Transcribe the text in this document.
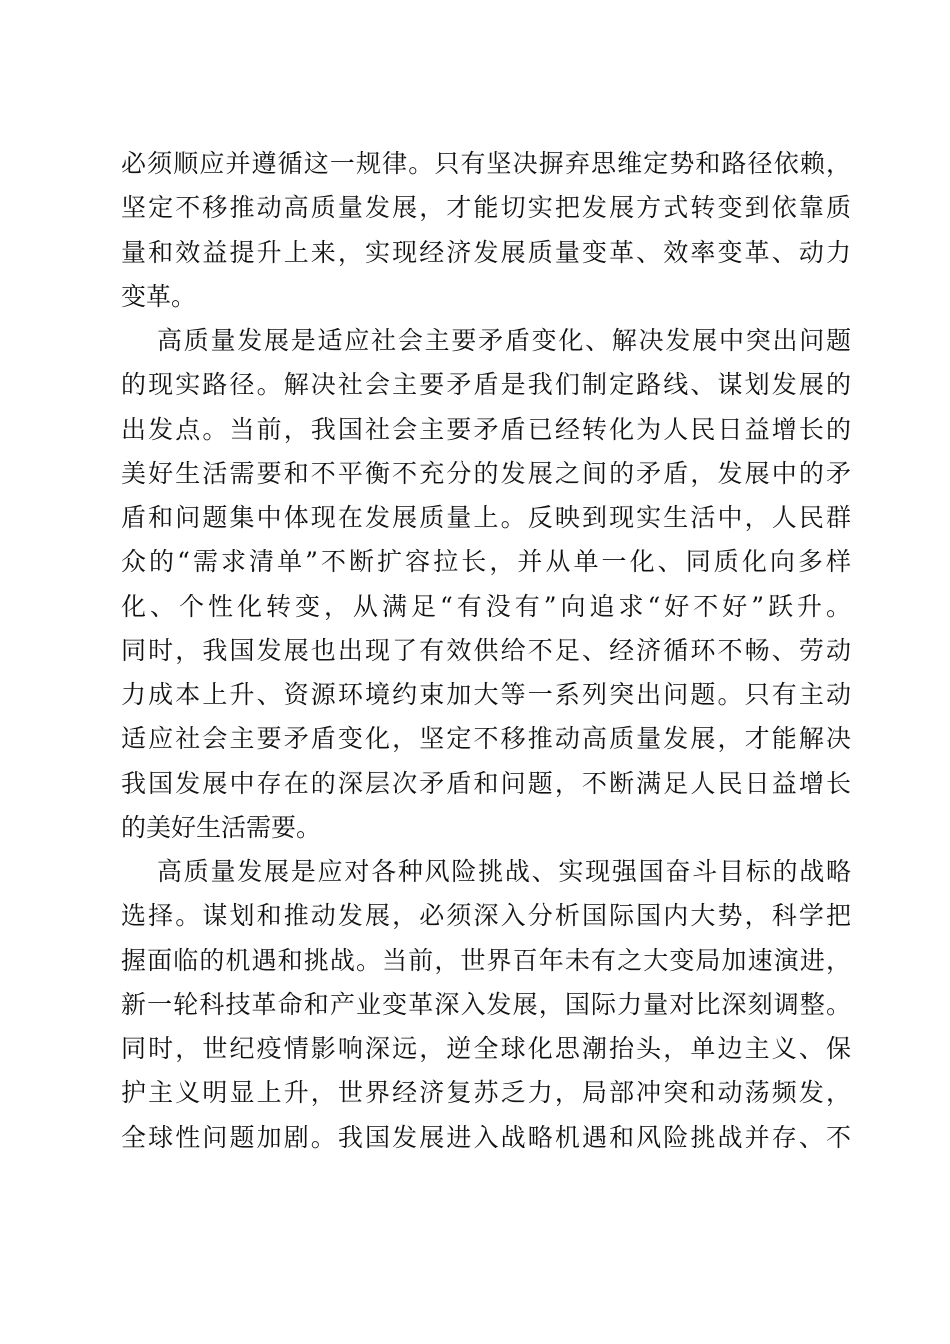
必须顺应并遵循这一规律。只有坚决摒弃思维定势和路径依赖，
坚定不移推动高质量发展，才能切实把发展方式转变到依靠质
量和效益提升上来，实现经济发展质量变革、效率变革、动力
变革。
高质量发展是适应社会主要矛盾变化、解决发展中突出问题
的现实路径。解决社会主要矛盾是我们制定路线、谋划发展的
出发点。当前，我国社会主要矛盾已经转化为人民日益增长的
美好生活需要和不平衡不充分的发展之间的矛盾，发展中的矛
盾和问题集中体现在发展质量上。反映到现实生活中，人民群
众的“需求清单”不断扩容拉长，并从单一化、同质化向多样
化、个性化转变，从满足“有没有”向追求“好不好”跃升。
同时，我国发展也出现了有效供给不足、经济循环不畅、劳动
力成本上升、资源环境约束加大等一系列突出问题。只有主动
适应社会主要矛盾变化，坚定不移推动高质量发展，才能解决
我国发展中存在的深层次矛盾和问题，不断满足人民日益增长
的美好生活需要。
高质量发展是应对各种风险挑战、实现强国奋斗目标的战略
选择。谋划和推动发展，必须深入分析国际国内大势，科学把
握面临的机遇和挑战。当前，世界百年未有之大变局加速演进，
新一轮科技革命和产业变革深入发展，国际力量对比深刻调整。
同时，世纪疫情影响深远，逆全球化思潮抬头，单边主义、保
护主义明显上升，世界经济复苏乏力，局部冲突和动荡频发，
全球性问题加剧。我国发展进入战略机遇和风险挑战并存、不
